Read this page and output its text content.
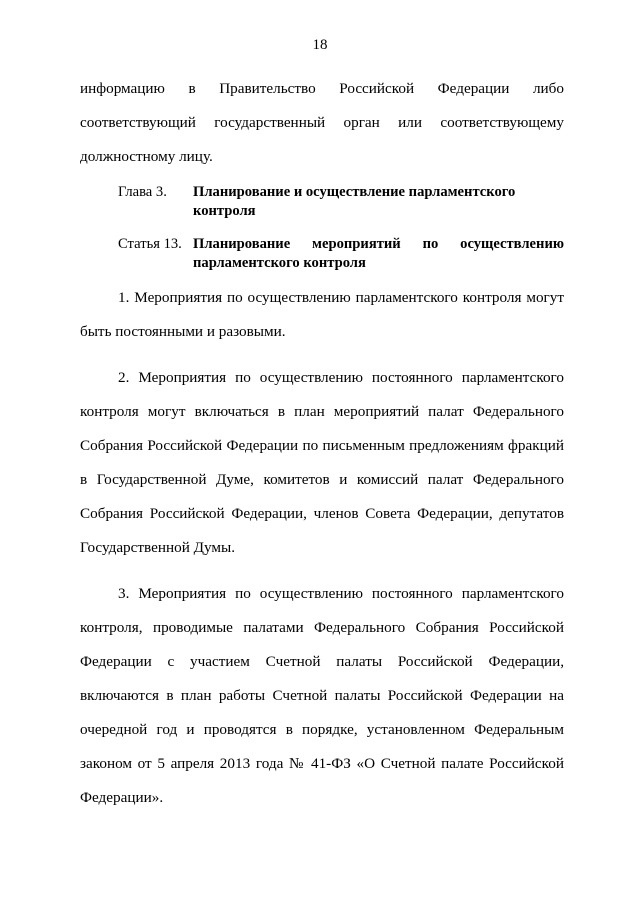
18
информацию в Правительство Российской Федерации либо
соответствующий государственный орган или соответствующему
должностному лицу.
Глава 3.	Планирование и осуществление парламентского
контроля
Статья 13. Планирование мероприятий по осуществлению
парламентского контроля
1. Мероприятия по осуществлению парламентского контроля могут
быть постоянными и разовыми.
2. Мероприятия по осуществлению постоянного парламентского
контроля могут включаться в план мероприятий палат Федерального
Собрания Российской Федерации по письменным предложениям фракций
в Государственной Думе, комитетов и комиссий палат Федерального
Собрания Российской Федерации, членов Совета Федерации, депутатов
Государственной Думы.
3. Мероприятия по осуществлению постоянного парламентского
контроля, проводимые палатами Федерального Собрания Российской
Федерации с участием Счетной палаты Российской Федерации,
включаются в план работы Счетной палаты Российской Федерации на
очередной год и проводятся в порядке, установленном Федеральным
законом от 5 апреля 2013 года № 41-ФЗ «О Счетной палате Российской
Федерации».
